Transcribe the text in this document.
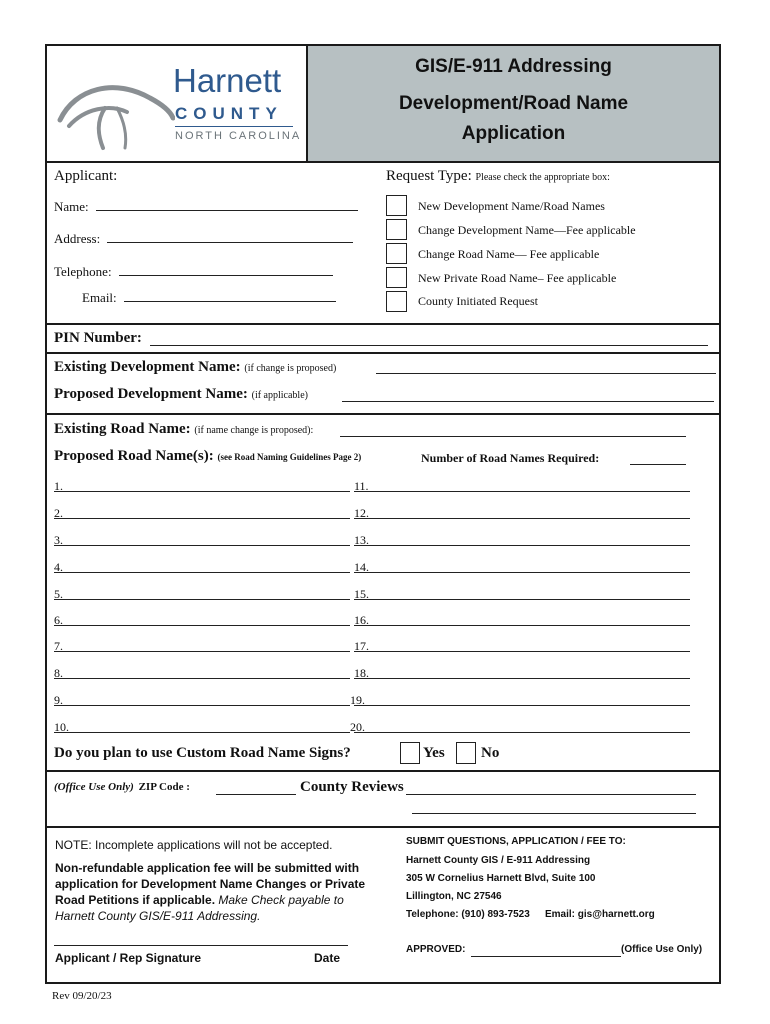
Harnett
COUNTY
NORTH CAROLINA
GIS/E-911 Addressing
Development/Road Name
Application
Applicant:
Name:
Address:
Telephone:
Email:
Request Type: Please check the appropriate box:
New Development Name/Road Names
Change Development Name—Fee applicable
Change Road Name— Fee applicable
New Private Road Name– Fee applicable
County Initiated Request
PIN Number:
Existing Development Name: (if change is proposed)
Proposed Development Name: (if applicable)
Existing Road Name: (if name change is proposed):
Proposed Road Name(s): (see Road Naming Guidelines Page 2)	Number of Road Names Required:
1.
2.
3.
4.
5.
6.
7.
8.
9.
10.
11.
12.
13.
14.
15.
16.
17.
18.
19.
20.
Do you plan to use Custom Road Name Signs?	Yes No
(Office Use Only) ZIP Code :	County Reviews
NOTE: Incomplete applications will not be accepted.
Non-refundable application fee will be submitted with application for Development Name Changes or Private Road Petitions if applicable. Make Check payable to Harnett County GIS/E-911 Addressing.
Applicant / Rep Signature	Date
SUBMIT QUESTIONS, APPLICATION / FEE TO:
Harnett County GIS / E-911 Addressing
305 W Cornelius Harnett Blvd, Suite 100
Lillington, NC 27546
Telephone: (910) 893-7523 Email: gis@harnett.org
APPROVED:	(Office Use Only)
Rev 09/20/23
